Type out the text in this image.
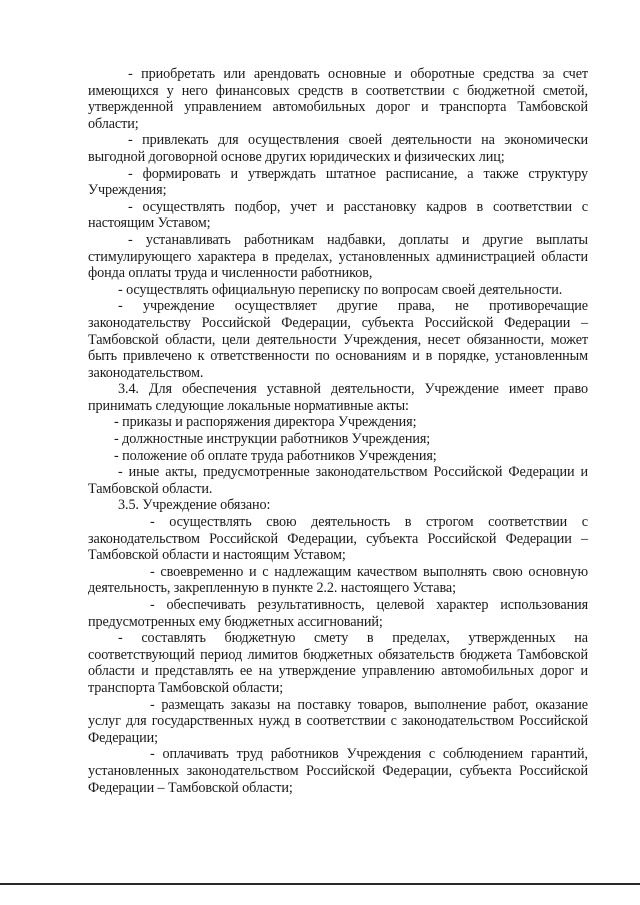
- приобретать или арендовать основные и оборотные средства за счет имеющихся у него финансовых средств в соответствии с бюджетной сметой, утвержденной управлением автомобильных дорог и транспорта Тамбовской области;

- привлекать для осуществления своей деятельности на экономически выгодной договорной основе других юридических и физических лиц;

- формировать и утверждать штатное расписание, а также структуру Учреждения;

- осуществлять подбор, учет и расстановку кадров в соответствии с настоящим Уставом;

- устанавливать работникам надбавки, доплаты и другие выплаты стимулирующего характера в пределах, установленных администрацией области фонда оплаты труда и численности работников,

- осуществлять официальную переписку по вопросам своей деятельности.

- учреждение осуществляет другие права, не противоречащие законодательству Российской Федерации, субъекта Российской Федерации – Тамбовской области, цели деятельности Учреждения, несет обязанности, может быть привлечено к ответственности по основаниям и в порядке, установленным законодательством.

3.4. Для обеспечения уставной деятельности, Учреждение имеет право принимать следующие локальные нормативные акты:

- приказы и распоряжения директора Учреждения;

- должностные инструкции работников Учреждения;

- положение об оплате труда работников Учреждения;

- иные акты, предусмотренные законодательством Российской Федерации и Тамбовской области.

3.5. Учреждение обязано:

- осуществлять свою деятельность в строгом соответствии с законодательством Российской Федерации, субъекта Российской Федерации – Тамбовской области и настоящим Уставом;

- своевременно и с надлежащим качеством выполнять свою основную деятельность, закрепленную в пункте 2.2. настоящего Устава;

- обеспечивать результативность, целевой характер использования предусмотренных ему бюджетных ассигнований;

- составлять бюджетную смету в пределах, утвержденных на соответствующий период лимитов бюджетных обязательств бюджета Тамбовской области и представлять ее на утверждение управлению автомобильных дорог и транспорта Тамбовской области;

- размещать заказы на поставку товаров, выполнение работ, оказание услуг для государственных нужд в соответствии с законодательством Российской Федерации;

- оплачивать труд работников Учреждения с соблюдением гарантий, установленных законодательством Российской Федерации, субъекта Российской Федерации – Тамбовской области;
